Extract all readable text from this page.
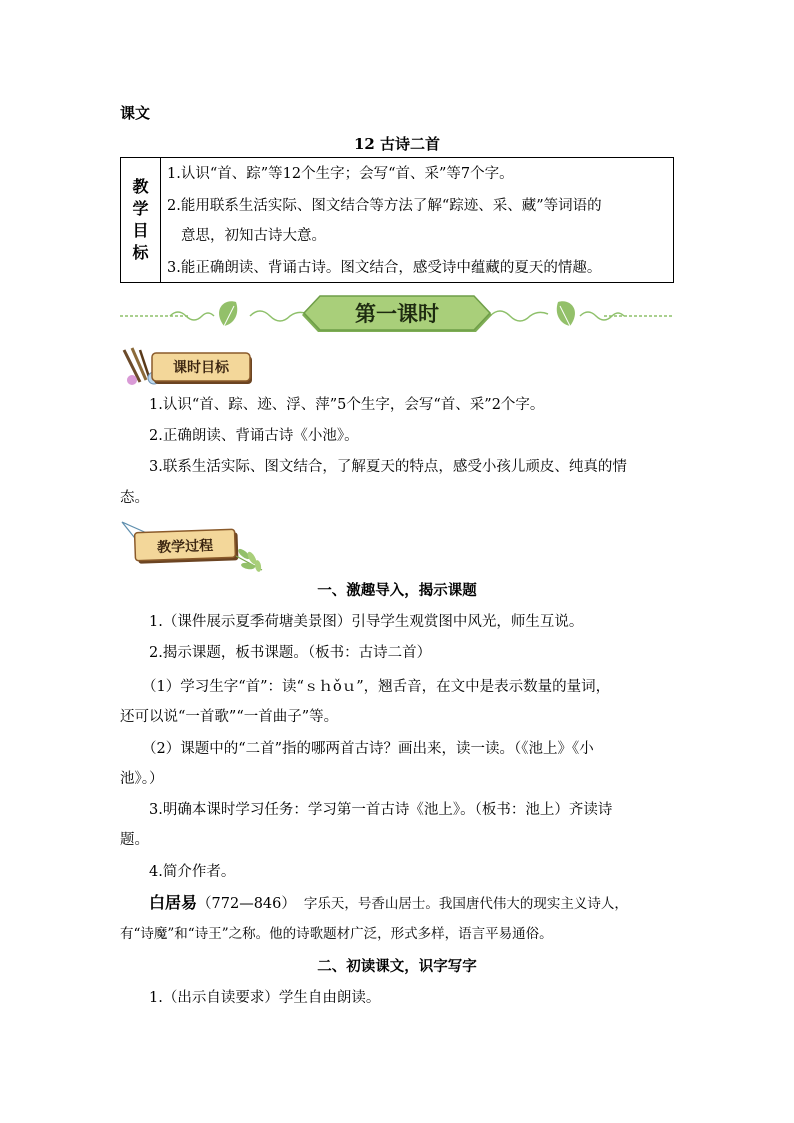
课文
12 古诗二首
教
学
目
标
1.认识“首、踪”等12个生字；会写“首、采”等7个字。
2.能用联系生活实际、图文结合等方法了解“踪迹、采、藏”等词语的
意思，初知古诗大意。
3.能正确朗读、背诵古诗。图文结合，感受诗中蕴藏的夏天的情趣。
第一课时
课时目标
1.认识“首、踪、迹、浮、萍”5个生字，会写“首、采”2个字。
2.正确朗读、背诵古诗《小池》。
3.联系生活实际、图文结合，了解夏天的特点，感受小孩儿顽皮、纯真的情
态。
教学过程
一、激趣导入，揭示课题
1.（课件展示夏季荷塘美景图）引导学生观赏图中风光，师生互说。
2.揭示课题，板书课题。（板书：古诗二首）
（1）学习生字“首”：读“ｓｈǒｕ”，翘舌音，在文中是表示数量的量词，
还可以说“一首歌”“一首曲子”等。
（2）课题中的“二首”指的哪两首古诗？画出来，读一读。（《池上》《小
池》。）
3.明确本课时学习任务：学习第一首古诗《池上》。（板书：池上）齐读诗
题。
4.简介作者。
白居易（772—846） 字乐天，号香山居士。我国唐代伟大的现实主义诗人，
有“诗魔”和“诗王”之称。他的诗歌题材广泛，形式多样，语言平易通俗。
二、初读课文，识字写字
1.（出示自读要求）学生自由朗读。
